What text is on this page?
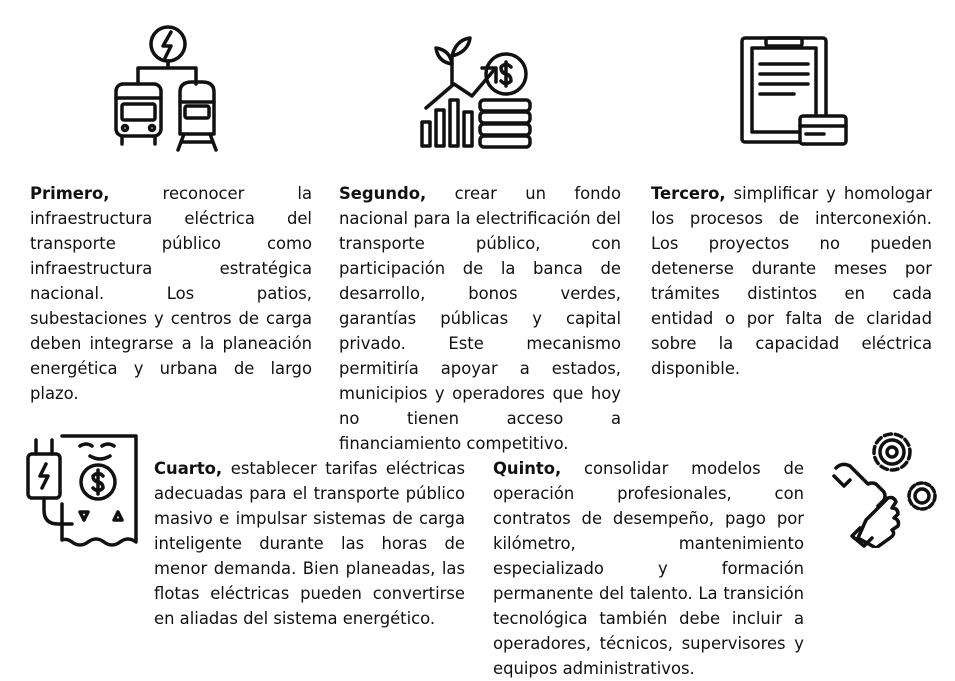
Primero, reconocer la infraestructura eléctrica del transporte público como infraestructura estratégica nacional. Los patios, subestaciones y centros de carga deben integrarse a la planeación energética y urbana de largo plazo.

Segundo, crear un fondo nacional para la electrificación del transporte público, con participación de la banca de desarrollo, bonos verdes, garantías públicas y capital privado. Este mecanismo permitiría apoyar a estados, municipios y operadores que hoy no tienen acceso a financiamiento competitivo.

Tercero, simplificar y homologar los procesos de interconexión. Los proyectos no pueden detenerse durante meses por trámites distintos en cada entidad o por falta de claridad sobre la capacidad eléctrica disponible.

Cuarto, establecer tarifas eléctricas adecuadas para el transporte público masivo e impulsar sistemas de carga inteligente durante las horas de menor demanda. Bien planeadas, las flotas eléctricas pueden convertirse en aliadas del sistema energético.

Quinto, consolidar modelos de operación profesionales, con contratos de desempeño, pago por kilómetro, mantenimiento especializado y formación permanente del talento. La transición tecnológica también debe incluir a operadores, técnicos, supervisores y equipos administrativos.
